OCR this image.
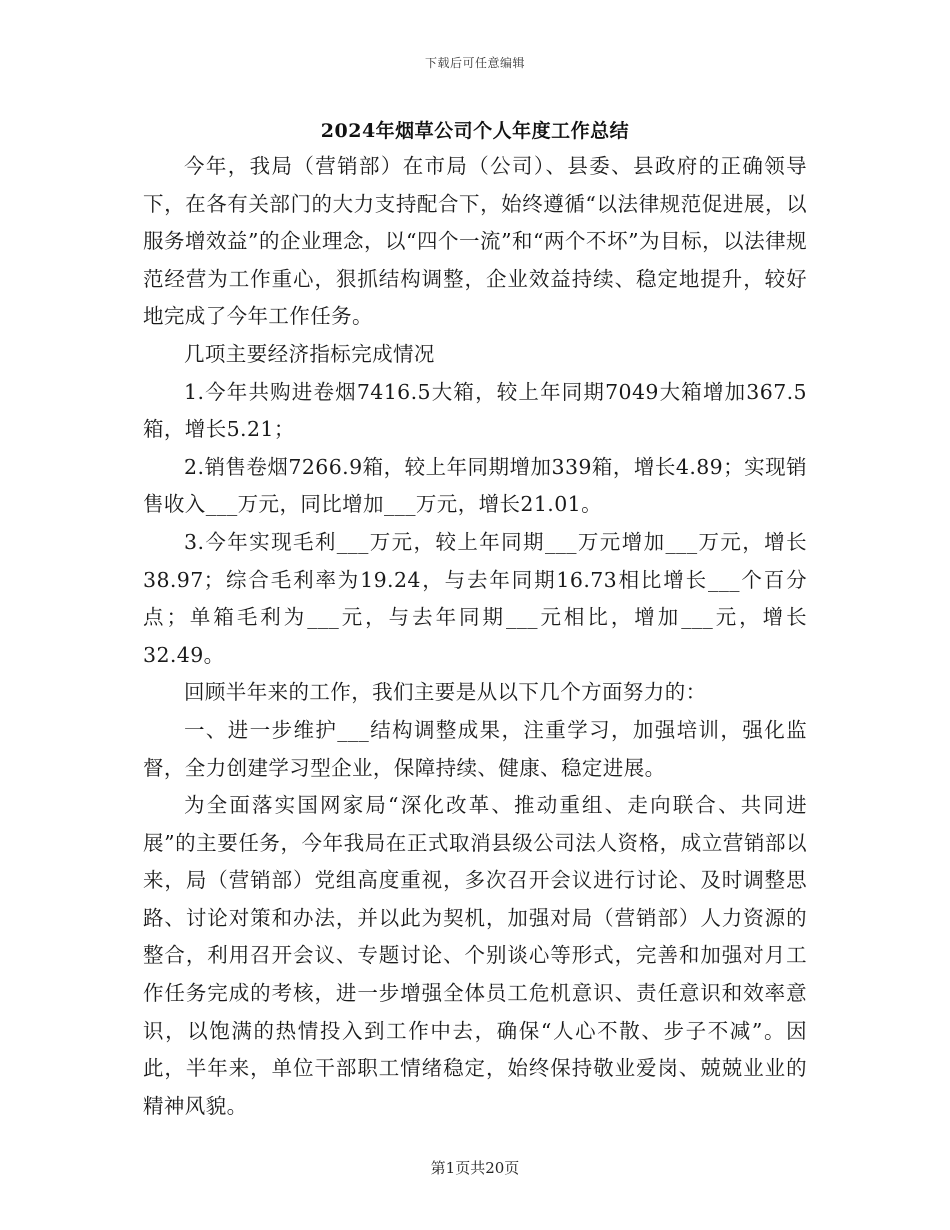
下载后可任意编辑
2024年烟草公司个人年度工作总结

今年，我局（营销部）在市局（公司）、县委、县政府的正确领导下，在各有关部门的大力支持配合下，始终遵循“以法律规范促进展，以服务增效益”的企业理念，以“四个一流”和“两个不坏”为目标，以法律规范经营为工作重心，狠抓结构调整，企业效益持续、稳定地提升，较好地完成了今年工作任务。

几项主要经济指标完成情况

1.今年共购进卷烟7416.5大箱，较上年同期7049大箱增加367.5箱，增长5.21；

2.销售卷烟7266.9箱，较上年同期增加339箱，增长4.89；实现销售收入___万元，同比增加___万元，增长21.01。

3.今年实现毛利___万元，较上年同期___万元增加___万元，增长38.97；综合毛利率为19.24，与去年同期16.73相比增长___个百分点；单箱毛利为___元，与去年同期___元相比，增加___元，增长32.49。

回顾半年来的工作，我们主要是从以下几个方面努力的：

一、进一步维护___结构调整成果，注重学习，加强培训，强化监督，全力创建学习型企业，保障持续、健康、稳定进展。

为全面落实国网家局“深化改革、推动重组、走向联合、共同进展”的主要任务，今年我局在正式取消县级公司法人资格，成立营销部以来，局（营销部）党组高度重视，多次召开会议进行讨论、及时调整思路、讨论对策和办法，并以此为契机，加强对局（营销部）人力资源的整合，利用召开会议、专题讨论、个别谈心等形式，完善和加强对月工作任务完成的考核，进一步增强全体员工危机意识、责任意识和效率意识，以饱满的热情投入到工作中去，确保“人心不散、步子不减”。因此，半年来，单位干部职工情绪稳定，始终保持敬业爱岗、兢兢业业的精神风貌。

第1页共20页
